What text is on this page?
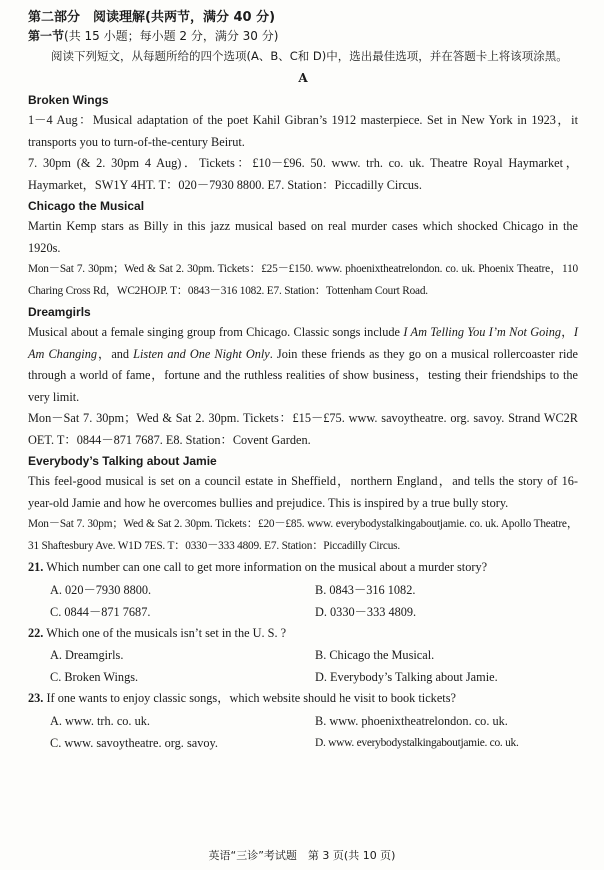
第二部分　阅读理解(共两节，满分 40 分)
第一节(共 15 小题；每小题 2 分，满分 30 分)

阅读下列短文，从每题所给的四个选项(A、B、C和 D)中，选出最佳选项，并在答题卡上将该项涂黑。

A
Broken Wings

1－4 Aug：Musical adaptation of the poet Kahil Gibran’s 1912 masterpiece. Set in New York in 1923，it transports you to turn-of-the-century Beirut.

7. 30pm (& 2. 30pm 4 Aug)．Tickets：£10－£96. 50. www. trh. co. uk. Theatre Royal Haymarket，Haymarket，SW1Y 4HT. T：020－7930 8800. E7. Station：Piccadilly Circus.

Chicago the Musical

Martin Kemp stars as Billy in this jazz musical based on real murder cases which shocked Chicago in the 1920s.

Mon－Sat 7. 30pm；Wed & Sat 2. 30pm. Tickets：£25－£150. www. phoenixtheatrelondon. co. uk. Phoenix Theatre，110 Charing Cross Rd，WC2HOJP. T：0843－316 1082. E7. Station：Tottenham Court Road.

Dreamgirls

Musical about a female singing group from Chicago. Classic songs include I Am Telling You I’m Not Going，I Am Changing，and Listen and One Night Only. Join these friends as they go on a musical rollercoaster ride through a world of fame，fortune and the ruthless realities of show business，testing their friendships to the very limit.

Mon－Sat 7. 30pm；Wed & Sat 2. 30pm. Tickets：£15－£75. www. savoytheatre. org. savoy. Strand WC2R OET. T：0844－871 7687. E8. Station：Covent Garden.

Everybody’s Talking about Jamie

This feel-good musical is set on a council estate in Sheffield，northern England，and tells the story of 16-year-old Jamie and how he overcomes bullies and prejudice. This is inspired by a true bully story.

Mon－Sat 7. 30pm；Wed & Sat 2. 30pm. Tickets：£20－£85. www. everybodystalkingaboutjamie. co. uk. Apollo Theatre，31 Shaftesbury Ave. W1D 7ES. T：0330－333 4809. E7. Station：Piccadilly Circus.

21. Which number can one call to get more information on the musical about a murder story?
A. 020－7930 8800.	B. 0843－316 1082.
C. 0844－871 7687.	D. 0330－333 4809.
22. Which one of the musicals isn’t set in the U. S. ?
A. Dreamgirls.	B. Chicago the Musical.
C. Broken Wings.	D. Everybody’s Talking about Jamie.
23. If one wants to enjoy classic songs，which website should he visit to book tickets?
A. www. trh. co. uk.	B. www. phoenixtheatrelondon. co. uk.
C. www. savoytheatre. org. savoy.	D. www. everybodystalkingaboutjamie. co. uk.
英语“三诊”考试题　第 3 页(共 10 页)
